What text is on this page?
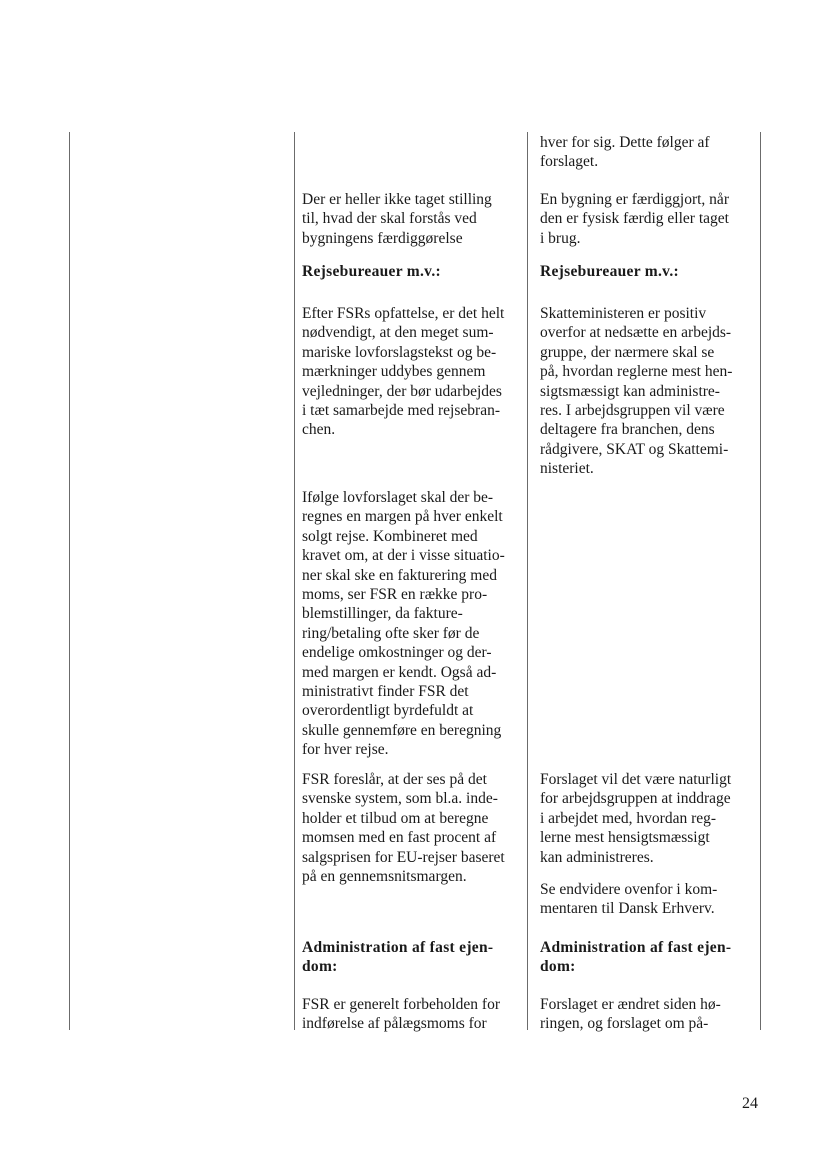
Der er heller ikke taget stilling
til, hvad der skal forstås ved
bygningens færdiggørelse

Rejsebureauer m.v.:

Efter FSRs opfattelse, er det helt
nødvendigt, at den meget sum-
mariske lovforslagstekst og be-
mærkninger uddybes gennem
vejledninger, der bør udarbejdes
i tæt samarbejde med rejsebran-
chen.

Ifølge lovforslaget skal der be-
regnes en margen på hver enkelt
solgt rejse. Kombineret med
kravet om, at der i visse situatio-
ner skal ske en fakturering med
moms, ser FSR en række pro-
blemstillinger, da fakture-
ring/betaling ofte sker før de
endelige omkostninger og der-
med margen er kendt. Også ad-
ministrativt finder FSR det
overordentligt byrdefuldt at
skulle gennemføre en beregning
for hver rejse.

FSR foreslår, at der ses på det
svenske system, som bl.a. inde-
holder et tilbud om at beregne
momsen med en fast procent af
salgsprisen for EU-rejser baseret
på en gennemsnitsmargen.

Administration af fast ejen-
dom:

FSR er generelt forbeholden for
indførelse af pålægsmoms for

hver for sig. Dette følger af
forslaget.

En bygning er færdiggjort, når
den er fysisk færdig eller taget
i brug.

Rejsebureauer m.v.:

Skatteministeren er positiv
overfor at nedsætte en arbejds-
gruppe, der nærmere skal se
på, hvordan reglerne mest hen-
sigtsmæssigt kan administre-
res. I arbejdsgruppen vil være
deltagere fra branchen, dens
rådgivere, SKAT og Skattemi-
nisteriet.

Forslaget vil det være naturligt
for arbejdsgruppen at inddrage
i arbejdet med, hvordan reg-
lerne mest hensigtsmæssigt
kan administreres.

Se endvidere ovenfor i kom-
mentaren til Dansk Erhverv.

Administration af fast ejen-
dom:

Forslaget er ændret siden hø-
ringen, og forslaget om på-

24
